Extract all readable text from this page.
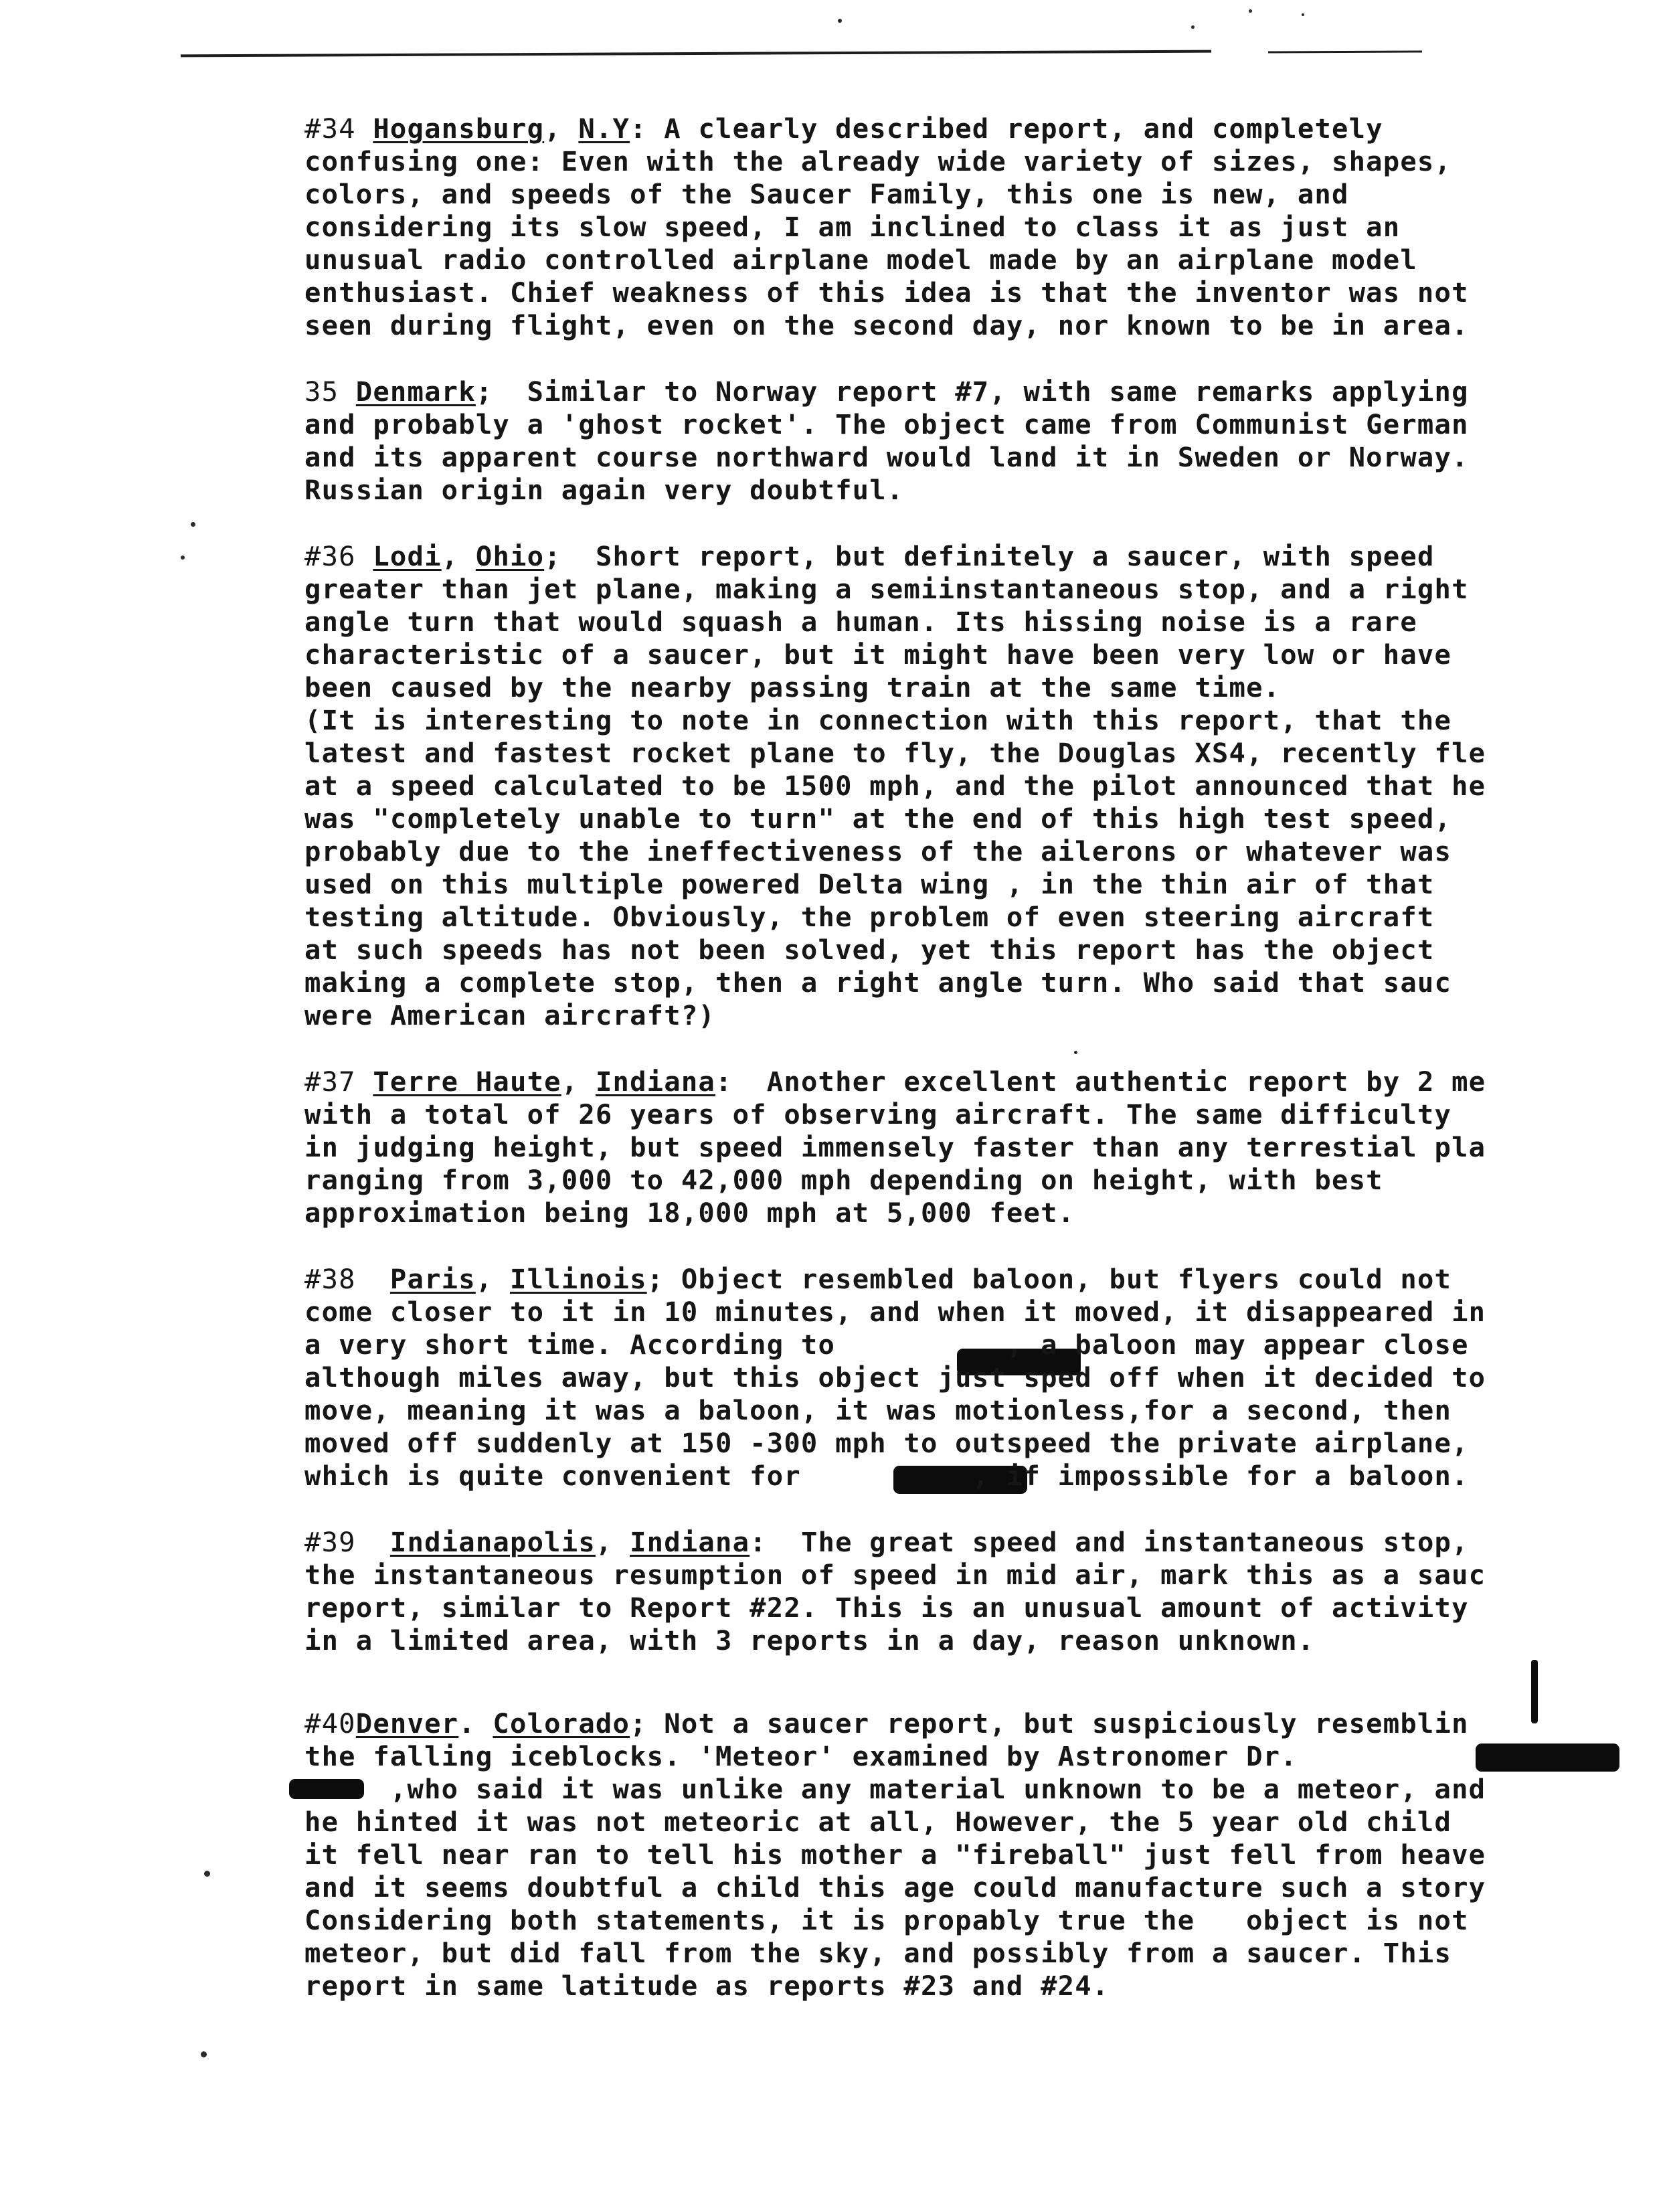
#34 Hogansburg, N.Y: A clearly described report, and completely
confusing one: Even with the already wide variety of sizes, shapes,
colors, and speeds of the Saucer Family, this one is new, and
considering its slow speed, I am inclined to class it as just an
unusual radio controlled airplane model made by an airplane model
enthusiast. Chief weakness of this idea is that the inventor was not
seen during flight, even on the second day, nor known to be in area.
35 Denmark; Similar to Norway report #7, with same remarks applying
and probably a 'ghost rocket'. The object came from Communist German
and its apparent course northward would land it in Sweden or Norway.
Russian origin again very doubtful.
#36 Lodi, Ohio; Short report, but definitely a saucer, with speed
greater than jet plane, making a semiinstantaneous stop, and a right
angle turn that would squash a human. Its hissing noise is a rare
characteristic of a saucer, but it might have been very low or have
been caused by the nearby passing train at the same time.
(It is interesting to note in connection with this report, that the
latest and fastest rocket plane to fly, the Douglas XS4, recently fle
at a speed calculated to be 1500 mph, and the pilot announced that he
was "completely unable to turn" at the end of this high test speed,
probably due to the ineffectiveness of the ailerons or whatever was
used on this multiple powered Delta wing , in the thin air of that
testing altitude. Obviously, the problem of even steering aircraft
at such speeds has not been solved, yet this report has the object
making a complete stop, then a right angle turn. Who said that sauc
were American aircraft?)
#37 Terre Haute, Indiana: Another excellent authentic report by 2 me
with a total of 26 years of observing aircraft. The same difficulty
in judging height, but speed immensely faster than any terrestial pla
ranging from 3,000 to 42,000 mph depending on height, with best
approximation being 18,000 mph at 5,000 feet.
#38 Paris, Illinois; Object resembled baloon, but flyers could not
come closer to it in 10 minutes, and when it moved, it disappeared in
a very short time. According to          , a baloon may appear close
although miles away, but this object just sped off when it decided to
move, meaning it was a baloon, it was motionless,for a second, then
moved off suddenly at 150 -300 mph to outspeed the private airplane,
which is quite convenient for          , if impossible for a baloon.
#39 Indianapolis, Indiana: The great speed and instantaneous stop,
the instantaneous resumption of speed in mid air, mark this as a sauc
report, similar to Report #22. This is an unusual amount of activity
in a limited area, with 3 reports in a day, reason unknown.
#40Denver. Colorado; Not a saucer report, but suspiciously resemblin
the falling iceblocks. 'Meteor' examined by Astronomer Dr.
,who said it was unlike any material unknown to be a meteor, and
he hinted it was not meteoric at all, However, the 5 year old child
it fell near ran to tell his mother a "fireball" just fell from heave
and it seems doubtful a child this age could manufacture such a story
Considering both statements, it is propably true the   object is not
meteor, but did fall from the sky, and possibly from a saucer. This
report in same latitude as reports #23 and #24.
